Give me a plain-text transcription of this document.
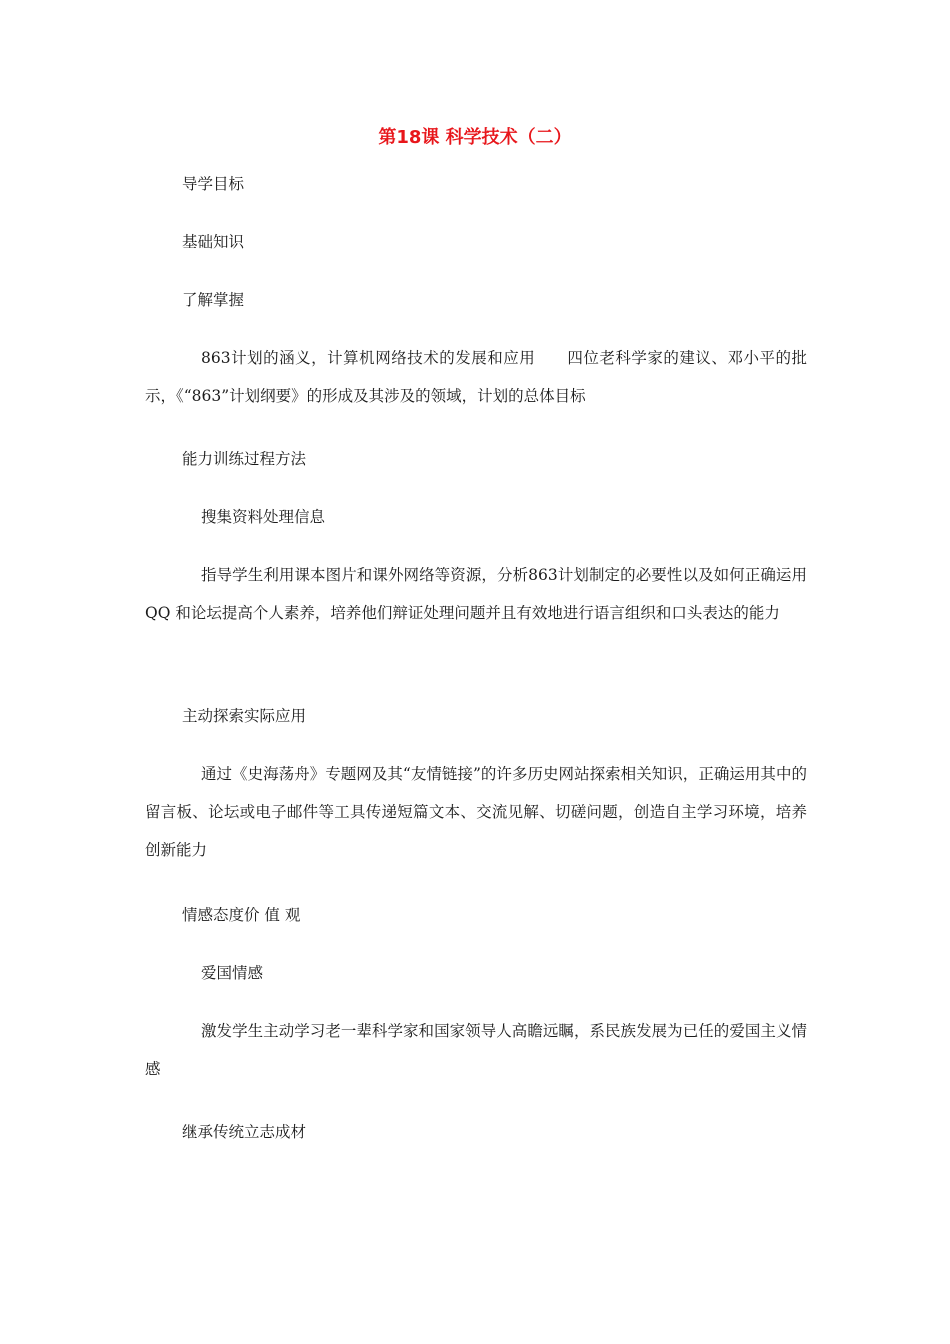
第18课 科学技术（二）
导学目标
基础知识
了解掌握
863计划的涵义，计算机网络技术的发展和应用　　四位老科学家的建议、邓小平的批示，《“863”计划纲要》的形成及其涉及的领域，计划的总体目标
能力训练过程方法
搜集资料处理信息
指导学生利用课本图片和课外网络等资源，分析863计划制定的必要性以及如何正确运用QQ 和论坛提高个人素养，培养他们辩证处理问题并且有效地进行语言组织和口头表达的能力
主动探索实际应用
通过《史海荡舟》专题网及其“友情链接”的许多历史网站探索相关知识，正确运用其中的留言板、论坛或电子邮件等工具传递短篇文本、交流见解、切磋问题，创造自主学习环境，培养创新能力
情感态度价 值 观
爱国情感
激发学生主动学习老一辈科学家和国家领导人高瞻远瞩，系民族发展为已任的爱国主义情感
继承传统立志成材
